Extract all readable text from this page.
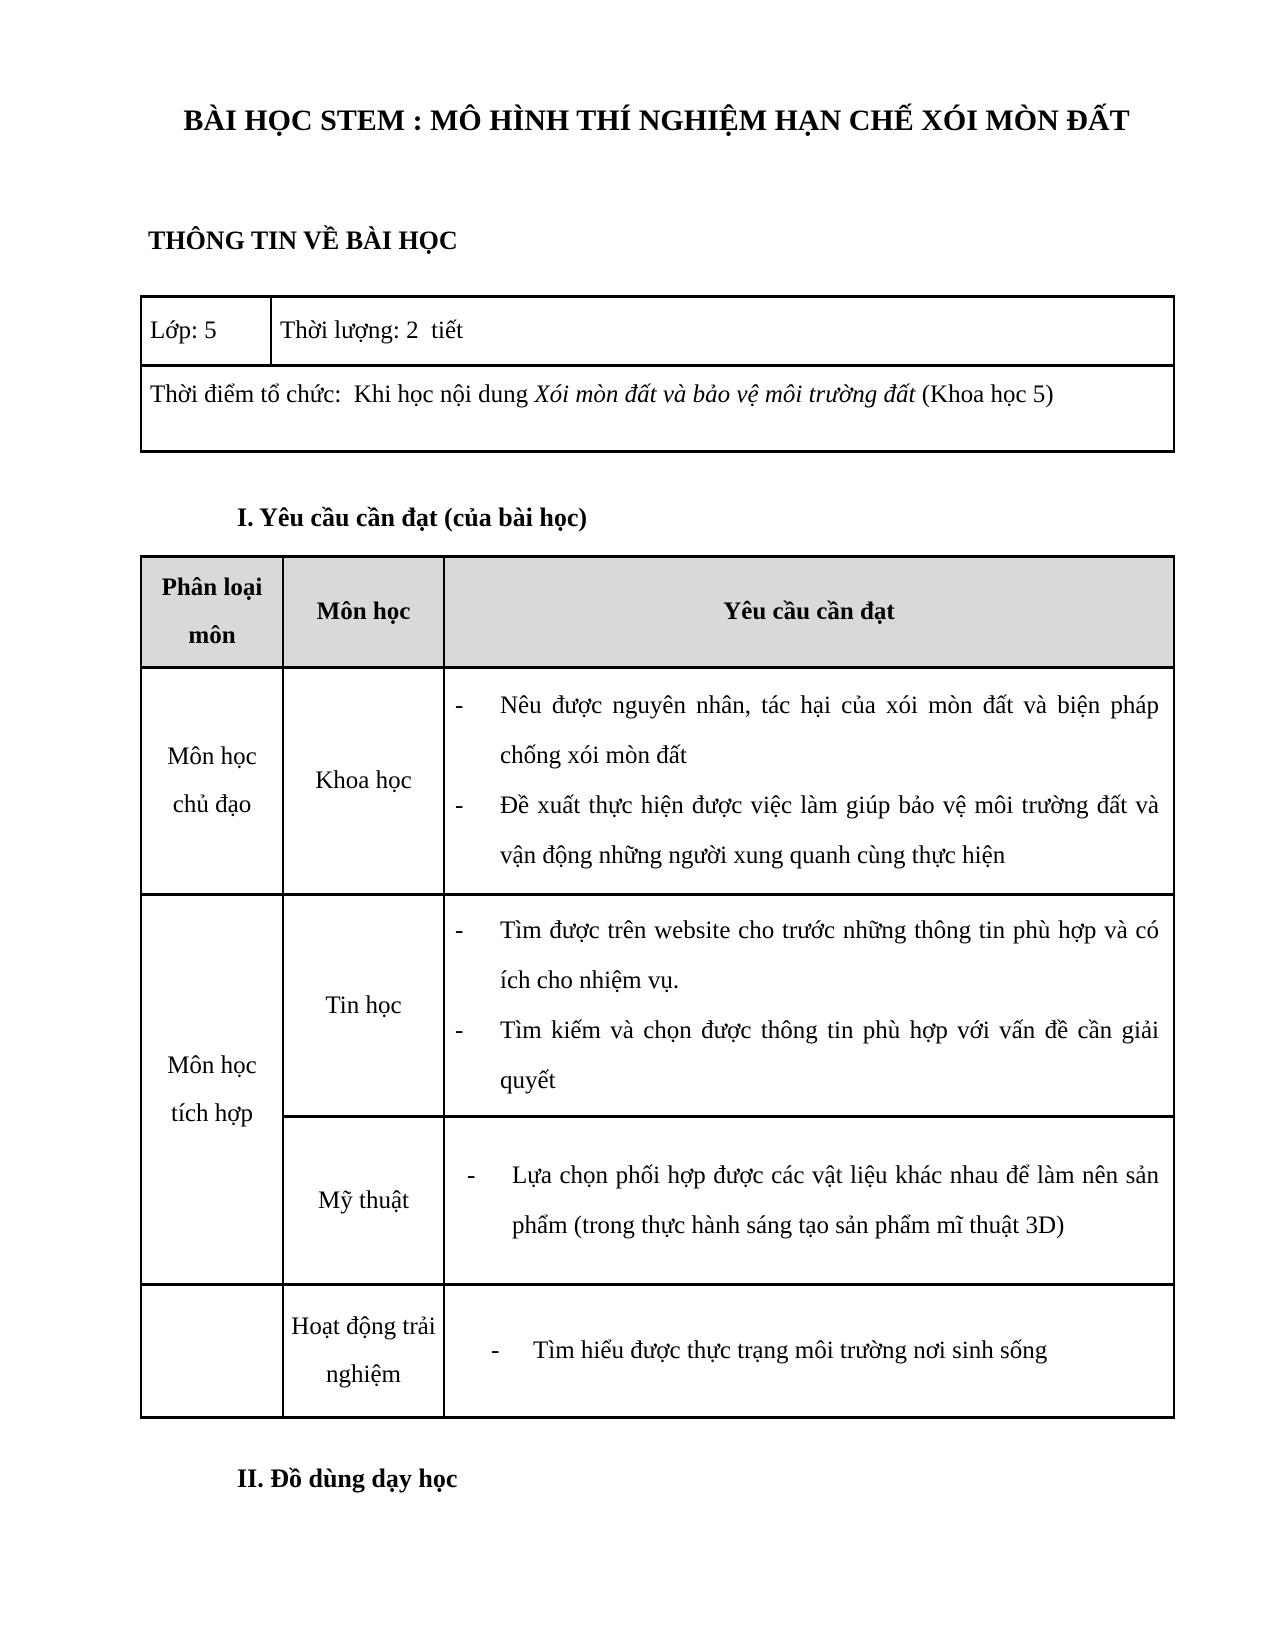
BÀI HỌC STEM : MÔ HÌNH THÍ NGHIỆM HẠN CHẾ XÓI MÒN ĐẤT
THÔNG TIN VỀ BÀI HỌC
Lớp: 5	Thời lượng: 2  tiết
Thời điểm tổ chức:  Khi học nội dung Xói mòn đất và bảo vệ môi trường đất (Khoa học 5)
I. Yêu cầu cần đạt (của bài học)
Phân loại môn	Môn học	Yêu cầu cần đạt
Môn học chủ đạo	Khoa học	- Nêu được nguyên nhân, tác hại của xói mòn đất và biện pháp chống xói mòn đất
- Đề xuất thực hiện được việc làm giúp bảo vệ môi trường đất và vận động những người xung quanh cùng thực hiện

Môn học tích hợp	Tin học	- Tìm được trên website cho trước những thông tin phù hợp và có ích cho nhiệm vụ.
- Tìm kiếm và chọn được thông tin phù hợp với vấn đề cần giải quyết

	Mỹ thuật	- Lựa chọn phối hợp được các vật liệu khác nhau để làm nên sản phẩm (trong thực hành sáng tạo sản phẩm mĩ thuật 3D)

	Hoạt động trải nghiệm	- Tìm hiểu được thực trạng môi trường nơi sinh sống
II. Đồ dùng dạy học
